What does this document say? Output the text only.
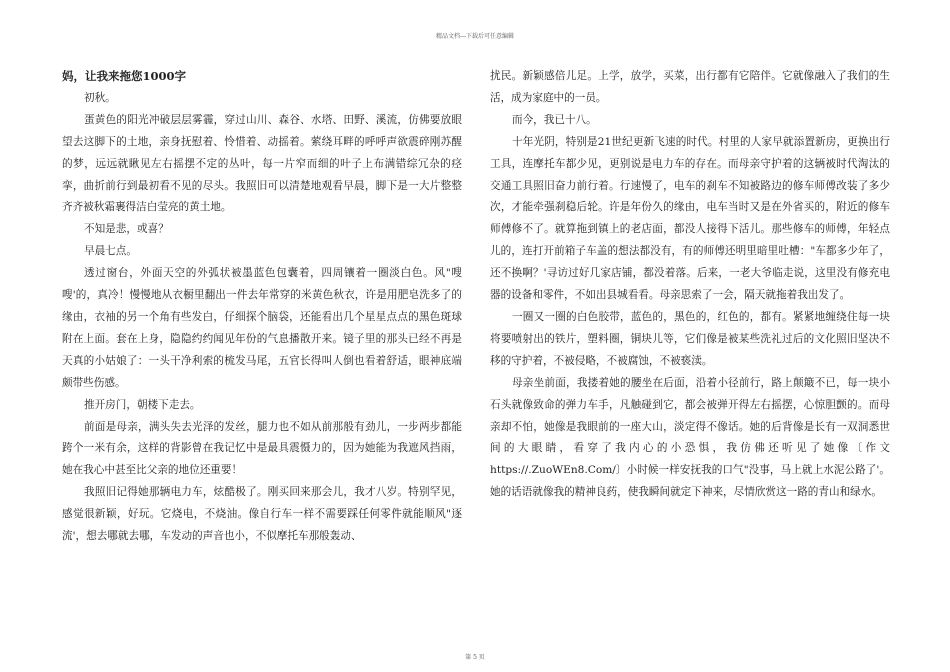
精品文档---下载后可任意编辑
妈，让我来拖您1000字

初秋。

蛋黄色的阳光冲破层层雾霾，穿过山川、森谷、水塔、田野、溪流，仿佛要放眼望去这脚下的土地，亲身抚慰着、怜惜着、动摇着。萦绕耳畔的呼呼声欲震碎刚苏醒的梦，远远就瞅见左右摇摆不定的丛叶，每一片窄而细的叶子上布满错综冗杂的痉挛，曲折前行到最初看不见的尽头。我照旧可以清楚地观看早晨，脚下是一大片整整齐齐被秋霜裹得洁白莹亮的黄土地。

不知是悲，或喜？

早晨七点。

透过窗台，外面天空的外弧状被墨蓝色包囊着，四周镶着一圈淡白色。风"嗖嗖'的，真冷！慢慢地从衣橱里翻出一件去年常穿的米黄色秋衣，许是用肥皂洗多了的缘由，衣袖的另一个角有些发白，仔细探个脑袋，还能看出几个星星点点的黑色斑球附在上面。套在上身，隐隐约约闻见年份的气息播散开来。镜子里的那头已经不再是天真的小姑娘了：一头干净利索的梳发马尾，五官长得叫人倒也看着舒适，眼神底端颇带些伤感。

推开房门，朝楼下走去。

前面是母亲，满头失去光泽的发丝，腿力也不如从前那般有劲儿，一步两步都能跨个一米有余，这样的背影曾在我记忆中是最具震慑力的，因为她能为我遮风挡雨，她在我心中甚至比父亲的地位还重要！

我照旧记得她那辆电力车，炫酷极了。刚买回来那会儿，我才八岁。特别罕见，感觉很新颖，好玩。它烧电，不烧油。像自行车一样不需要踩任何零件就能顺风"逐流'，想去哪就去哪，车发动的声音也小，不似摩托车那般轰动、

扰民。新颖感倍儿足。上学，放学，买菜，出行都有它陪伴。它就像融入了我们的生活，成为家庭中的一员。

而今，我已十八。

十年光阴，特别是21世纪更新飞速的时代。村里的人家早就添置新房，更换出行工具，连摩托车都少见，更别说是电力车的存在。而母亲守护着的这辆被时代淘汰的交通工具照旧奋力前行着。行速慢了，电车的刹车不知被路边的修车师傅改装了多少次，才能牵强刹稳后轮。许是年份久的缘由，电车当时又是在外省买的，附近的修车师傅修不了。就算拖到镇上的老店面，都没人接得下活儿。那些修车的师傅，年轻点儿的，连打开前箱子车盖的想法都没有，有的师傅还明里暗里吐槽："车都多少年了，还不换啊？'寻访过好几家店铺，都没着落。后来，一老大爷临走说，这里没有修充电器的设备和零件，不如出县城看看。母亲思索了一会，隔天就拖着我出发了。

一圈又一圈的白色胶带，蓝色的，黑色的，红色的，都有。紧紧地缠绕住每一块将要喷射出的铁片，塑料圈，铜块儿等，它们像是被某些洗礼过后的文化照旧坚决不移的守护着，不被侵略，不被腐蚀，不被亵渎。

母亲坐前面，我搂着她的腰坐在后面，沿着小径前行，路上颠簸不已，每一块小石头就像致命的弹力车手，凡触碰到它，都会被弹开得左右摇摆，心惊胆颤的。而母亲却不怕，她像是我眼前的一座大山，淡定得不像话。她的后背像是长有一双洞悉世间的大眼睛，看穿了我内心的小恐惧，我仿佛还听见了她像〔作文https://.ZuoWEn8.Com/〕小时候一样安抚我的口气"没事，马上就上水泥公路了'。她的话语就像我的精神良药，使我瞬间就定下神来，尽情欣赏这一路的青山和绿水。

第 5 页
